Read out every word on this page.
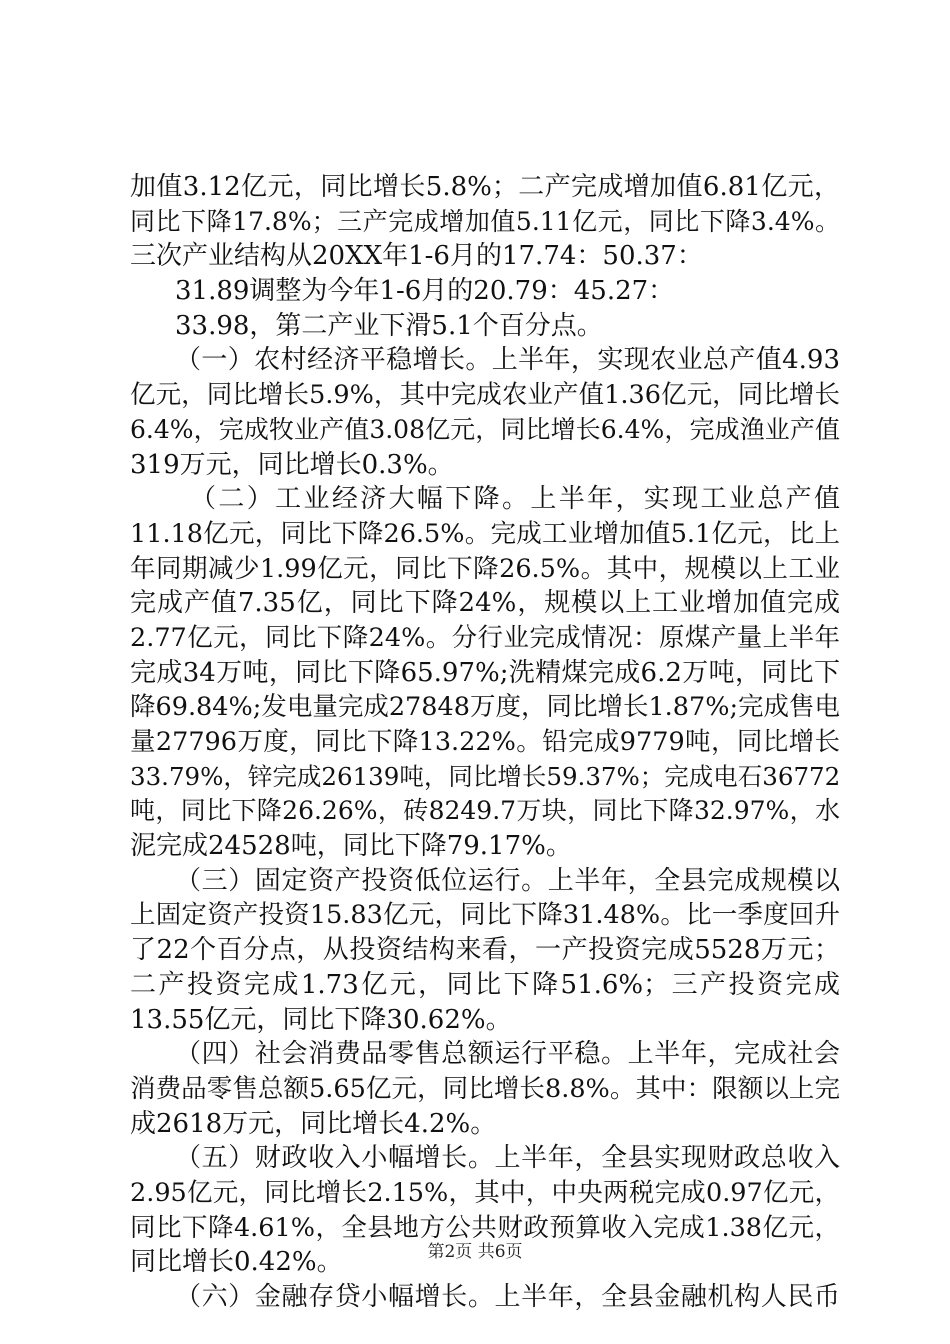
加值3.12亿元，同比增长5.8%；二产完成增加值6.81亿元，
同比下降17.8%；三产完成增加值5.11亿元，同比下降3.4%。
三次产业结构从20XX年1-6月的17.74：50.37：
31.89调整为今年1-6月的20.79：45.27：
33.98，第二产业下滑5.1个百分点。
（一）农村经济平稳增长。上半年，实现农业总产值4.93
亿元，同比增长5.9%，其中完成农业产值1.36亿元，同比增长
6.4%，完成牧业产值3.08亿元，同比增长6.4%，完成渔业产值
319万元，同比增长0.3%。
（二）工业经济大幅下降。上半年，实现工业总产值
11.18亿元，同比下降26.5%。完成工业增加值5.1亿元，比上
年同期减少1.99亿元，同比下降26.5%。其中，规模以上工业
完成产值7.35亿，同比下降24%，规模以上工业增加值完成
2.77亿元，同比下降24%。分行业完成情况：原煤产量上半年
完成34万吨，同比下降65.97%;洗精煤完成6.2万吨，同比下
降69.84%;发电量完成27848万度，同比增长1.87%;完成售电
量27796万度，同比下降13.22%。铅完成9779吨，同比增长
33.79%，锌完成26139吨，同比增长59.37%；完成电石36772
吨，同比下降26.26%，砖8249.7万块，同比下降32.97%，水
泥完成24528吨，同比下降79.17%。
（三）固定资产投资低位运行。上半年，全县完成规模以
上固定资产投资15.83亿元，同比下降31.48%。比一季度回升
了22个百分点，从投资结构来看，一产投资完成5528万元；
二产投资完成1.73亿元，同比下降51.6%；三产投资完成
13.55亿元，同比下降30.62%。
（四）社会消费品零售总额运行平稳。上半年，完成社会
消费品零售总额5.65亿元，同比增长8.8%。其中：限额以上完
成2618万元，同比增长4.2%。
（五）财政收入小幅增长。上半年，全县实现财政总收入
2.95亿元，同比增长2.15%，其中，中央两税完成0.97亿元，
同比下降4.61%，全县地方公共财政预算收入完成1.38亿元，
同比增长0.42%。
（六）金融存贷小幅增长。上半年，全县金融机构人民币
第2页 共6页
